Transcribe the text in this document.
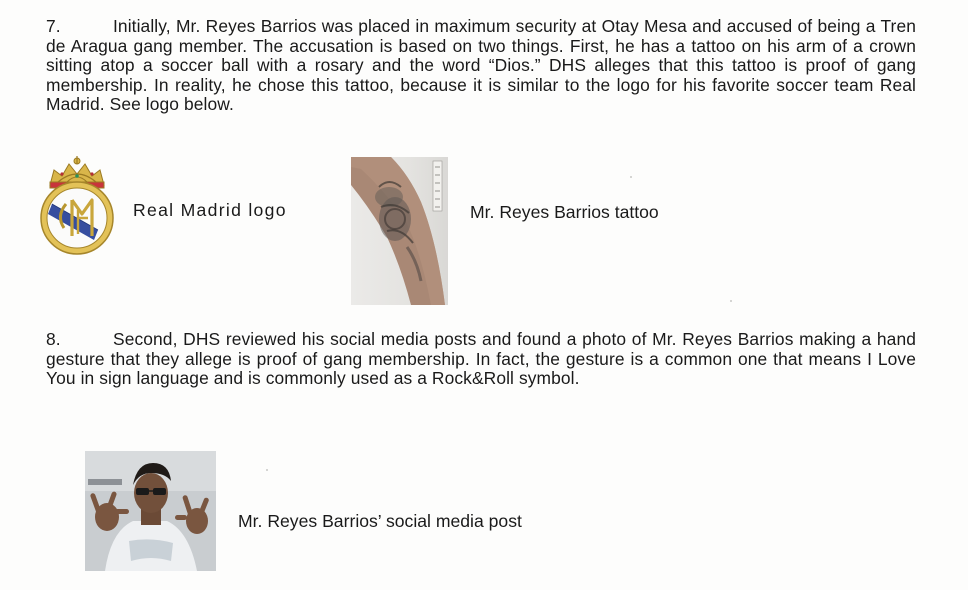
7.	Initially, Mr. Reyes Barrios was placed in maximum security at Otay Mesa and accused of being a Tren de Aragua gang member. The accusation is based on two things. First, he has a tattoo on his arm of a crown sitting atop a soccer ball with a rosary and the word “Dios.” DHS alleges that this tattoo is proof of gang membership. In reality, he chose this tattoo, because it is similar to the logo for his favorite soccer team Real Madrid. See logo below.
Real Madrid logo	Mr. Reyes Barrios tattoo
8.	Second, DHS reviewed his social media posts and found a photo of Mr. Reyes Barrios making a hand gesture that they allege is proof of gang membership. In fact, the gesture is a common one that means I Love You in sign language and is commonly used as a Rock&Roll symbol.
Mr. Reyes Barrios’ social media post
